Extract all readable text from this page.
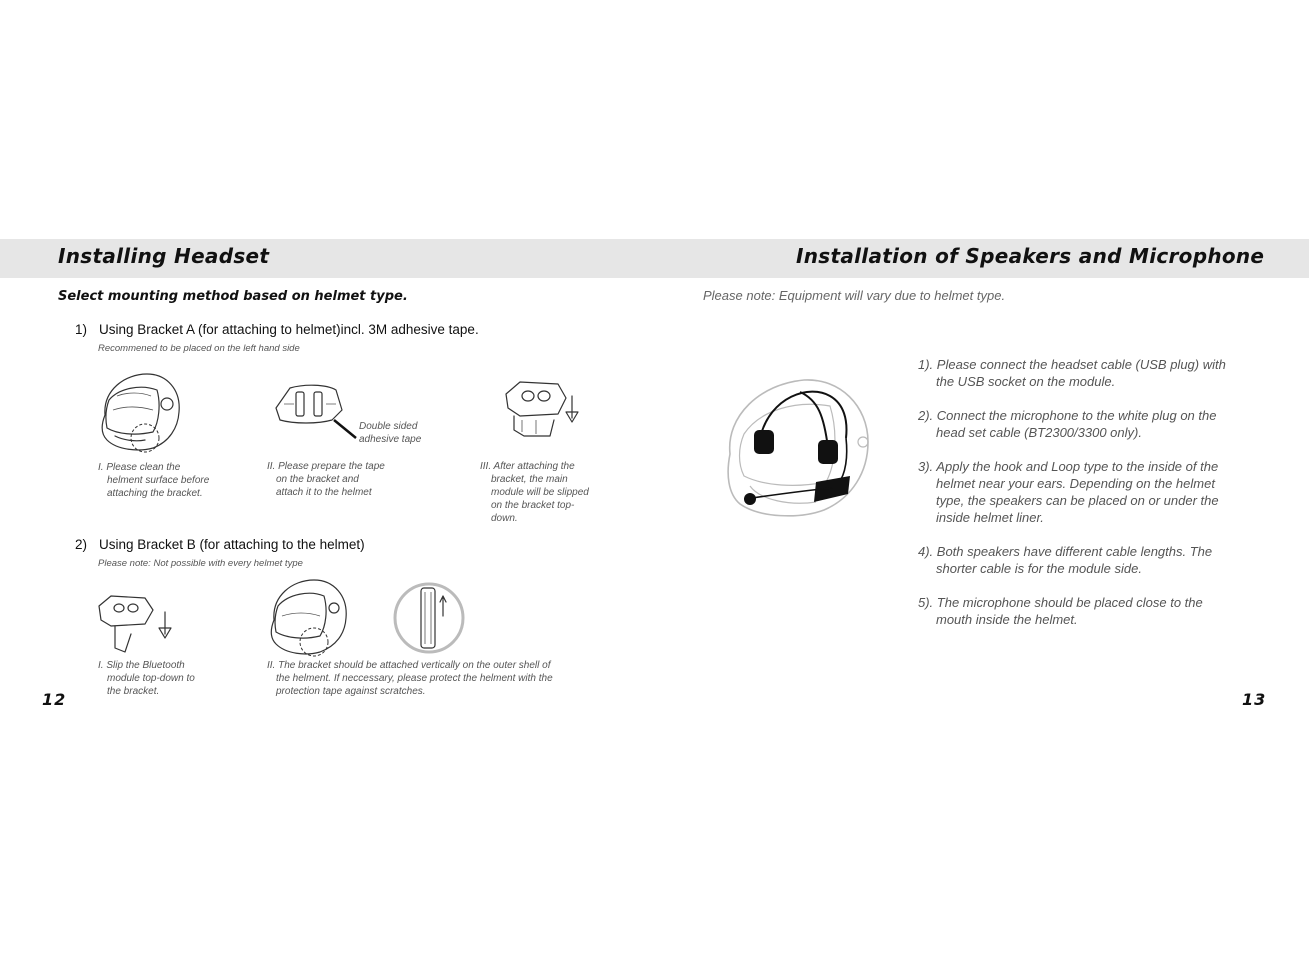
Installing Headset	Installation of Speakers and Microphone
Select mounting method based on helmet type.
1) Using Bracket A (for attaching to helmet)incl. 3M adhesive tape.
Recommened to be placed on the left hand side

Double sided

adhesive tape

I. Please clean the

helment surface before

attaching the bracket.

II. Please prepare the tape

on the bracket and

attach it to the helmet

III. After attaching the

bracket, the main

module will be slipped

on the bracket top-

down.

2) Using Bracket B (for attaching to the helmet)
Please note: Not possible with every helmet type

I. Slip the Bluetooth

module top-down to

the bracket.

II. The bracket should be attached vertically on the outer shell of

the helment. If neccessary, please protect the helment with the

protection tape against scratches.

12
Please note: Equipment will vary due to helmet type.
1). Please connect the headset cable (USB plug) with
the USB socket on the module.
2). Connect the microphone to the white plug on the
head set cable (BT2300/3300 only).
3). Apply the hook and Loop type to the inside of the
helmet near your ears. Depending on the helmet
type, the speakers can be placed on or under the
inside helmet liner.
4). Both speakers have different cable lengths. The
shorter cable is for the module side.
5). The microphone should be placed close to the
mouth inside the helmet.
13
